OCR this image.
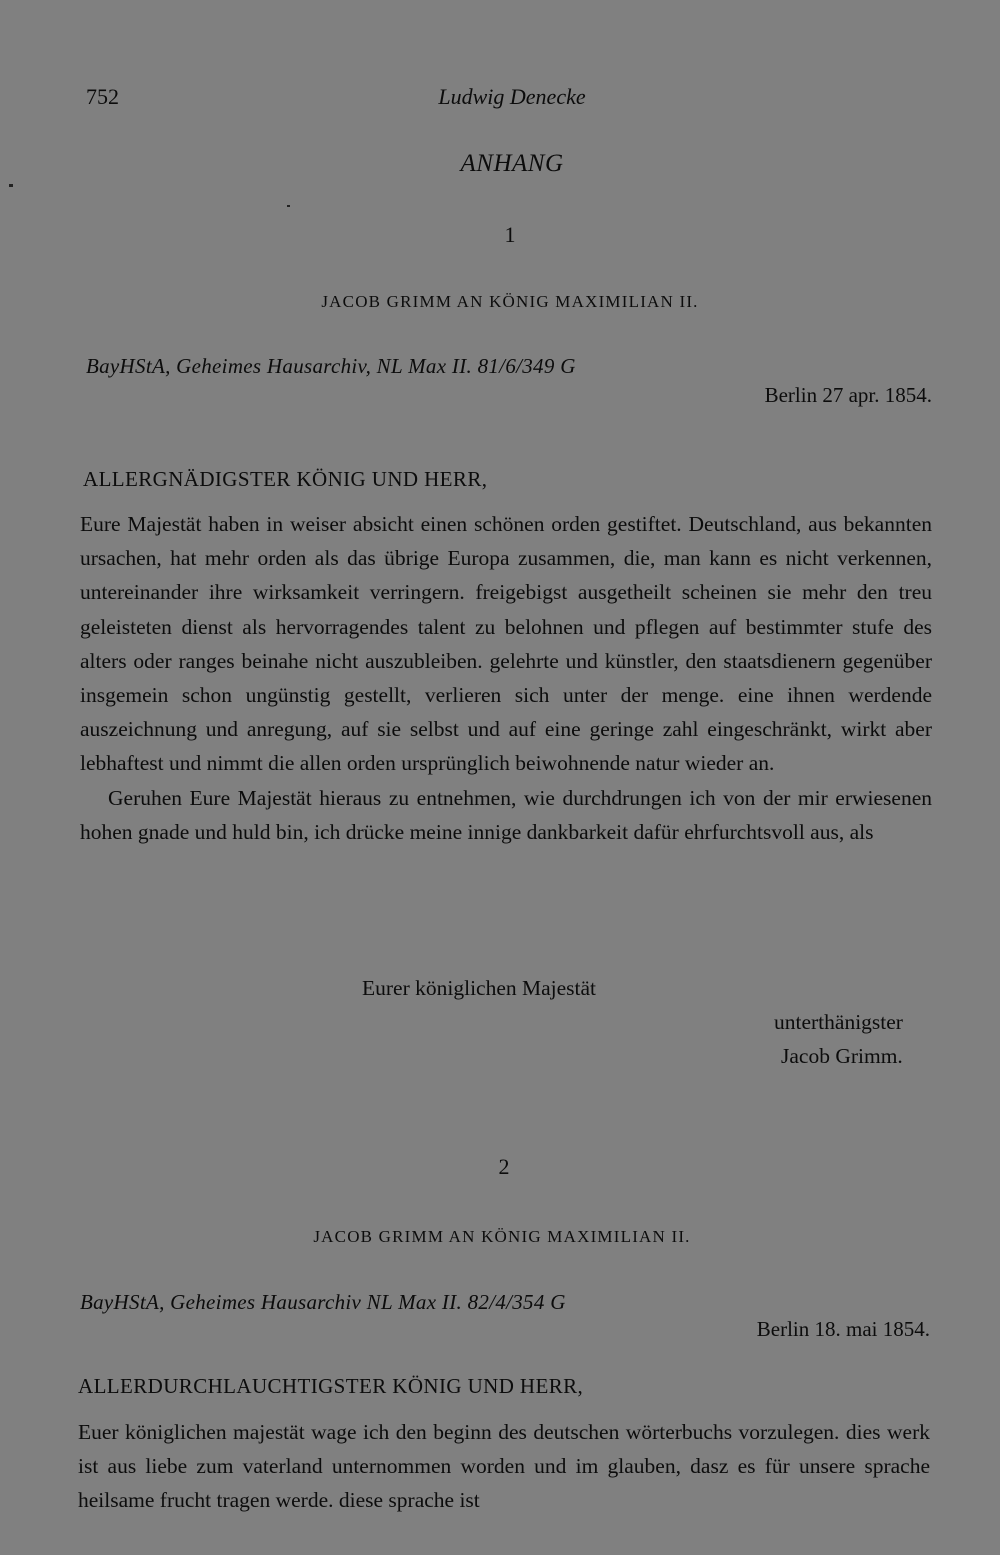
752	Ludwig Denecke
ANHANG
1
JACOB GRIMM AN KÖNIG MAXIMILIAN II.
BayHStA, Geheimes Hausarchiv, NL Max II. 81/6/349 G
Berlin 27 apr. 1854.
ALLERGNÄDIGSTER KÖNIG UND HERR,

Eure Majestät haben in weiser absicht einen schönen orden gestiftet. Deutschland, aus bekannten ursachen, hat mehr orden als das übrige Europa zusammen, die, man kann es nicht verkennen, untereinander ihre wirksamkeit verringern. freigebigst ausgetheilt scheinen sie mehr den treu geleisteten dienst als hervorragendes talent zu belohnen und pflegen auf bestimmter stufe des alters oder ranges beinahe nicht auszubleiben. gelehrte und künstler, den staatsdienern gegenüber insgemein schon ungünstig gestellt, verlieren sich unter der menge. eine ihnen werdende auszeichnung und anregung, auf sie selbst und auf eine geringe zahl eingeschränkt, wirkt aber lebhaftest und nimmt die allen orden ursprünglich beiwohnende natur wieder an.

Geruhen Eure Majestät hieraus zu entnehmen, wie durchdrungen ich von der mir erwiesenen hohen gnade und huld bin, ich drücke meine innige dankbarkeit dafür ehrfurchtsvoll aus, als

Eurer königlichen Majestät
unterthänigster
Jacob Grimm.
2
JACOB GRIMM AN KÖNIG MAXIMILIAN II.
BayHStA, Geheimes Hausarchiv NL Max II. 82/4/354 G
Berlin 18. mai 1854.
ALLERDURCHLAUCHTIGSTER KÖNIG UND HERR,

Euer königlichen majestät wage ich den beginn des deutschen wörterbuchs vorzulegen. dies werk ist aus liebe zum vaterland unternommen worden und im glauben, dasz es für unsere sprache heilsame frucht tragen werde. diese sprache ist
